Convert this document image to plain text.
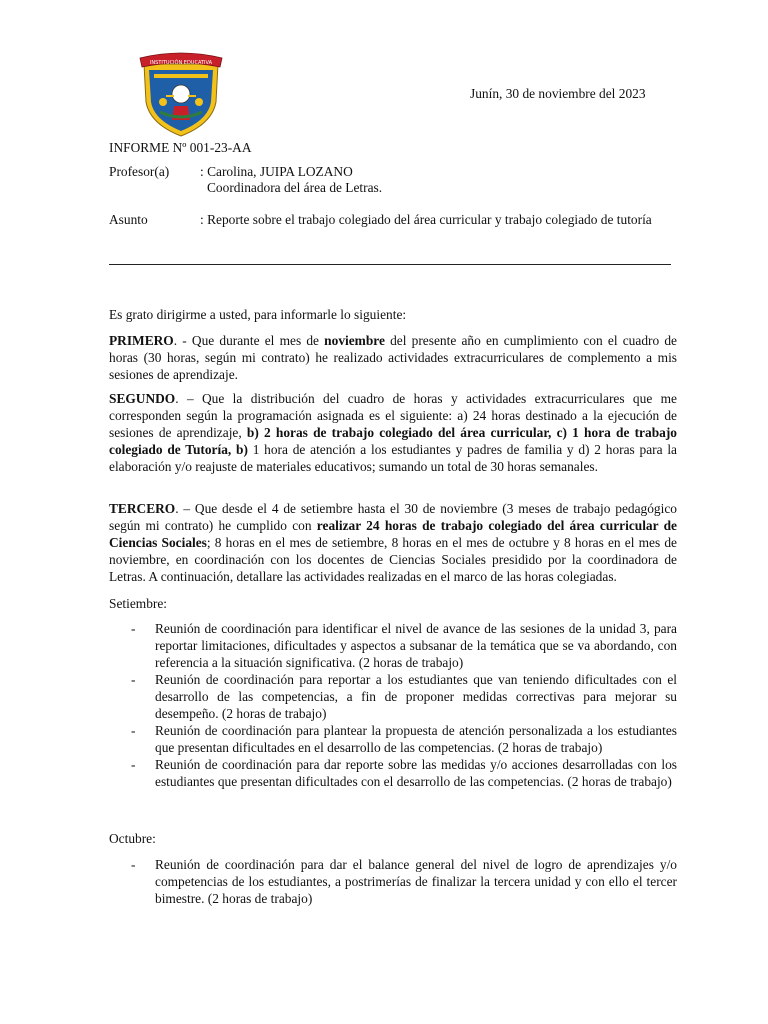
INSTITUCIÓN EDUCATIVA
Junín, 30 de noviembre del 2023
INFORME Nº 001-23-AA
Profesor(a) : Carolina, JUIPA LOZANO
Coordinadora del área de Letras.
Asunto	: Reporte sobre el trabajo colegiado del área curricular y trabajo colegiado de tutoría
Es grato dirigirme a usted, para informarle lo siguiente:
PRIMERO. - Que durante el mes de noviembre del presente año en cumplimiento con el cuadro de horas (30 horas, según mi contrato) he realizado actividades extracurriculares de complemento a mis sesiones de aprendizaje.
SEGUNDO. – Que la distribución del cuadro de horas y actividades extracurriculares que me corresponden según la programación asignada es el siguiente: a) 24 horas destinado a la ejecución de sesiones de aprendizaje, b) 2 horas de trabajo colegiado del área curricular, c) 1 hora de trabajo colegiado de Tutoría, b) 1 hora de atención a los estudiantes y padres de familia y d) 2 horas para la elaboración y/o reajuste de materiales educativos; sumando un total de 30 horas semanales.
TERCERO. – Que desde el 4 de setiembre hasta el 30 de noviembre (3 meses de trabajo pedagógico según mi contrato) he cumplido con realizar 24 horas de trabajo colegiado del área curricular de Ciencias Sociales; 8 horas en el mes de setiembre, 8 horas en el mes de octubre y 8 horas en el mes de noviembre, en coordinación con los docentes de Ciencias Sociales presidido por la coordinadora de Letras. A continuación, detallare las actividades realizadas en el marco de las horas colegiadas.
Setiembre:
- Reunión de coordinación para identificar el nivel de avance de las sesiones de la unidad 3, para reportar limitaciones, dificultades y aspectos a subsanar de la temática que se va abordando, con referencia a la situación significativa. (2 horas de trabajo)
- Reunión de coordinación para reportar a los estudiantes que van teniendo dificultades con el desarrollo de las competencias, a fin de proponer medidas correctivas para mejorar su desempeño. (2 horas de trabajo)
- Reunión de coordinación para plantear la propuesta de atención personalizada a los estudiantes que presentan dificultades en el desarrollo de las competencias. (2 horas de trabajo)
- Reunión de coordinación para dar reporte sobre las medidas y/o acciones desarrolladas con los estudiantes que presentan dificultades con el desarrollo de las competencias. (2 horas de trabajo)
Octubre:
- Reunión de coordinación para dar el balance general del nivel de logro de aprendizajes y/o competencias de los estudiantes, a postrimerías de finalizar la tercera unidad y con ello el tercer bimestre. (2 horas de trabajo)
